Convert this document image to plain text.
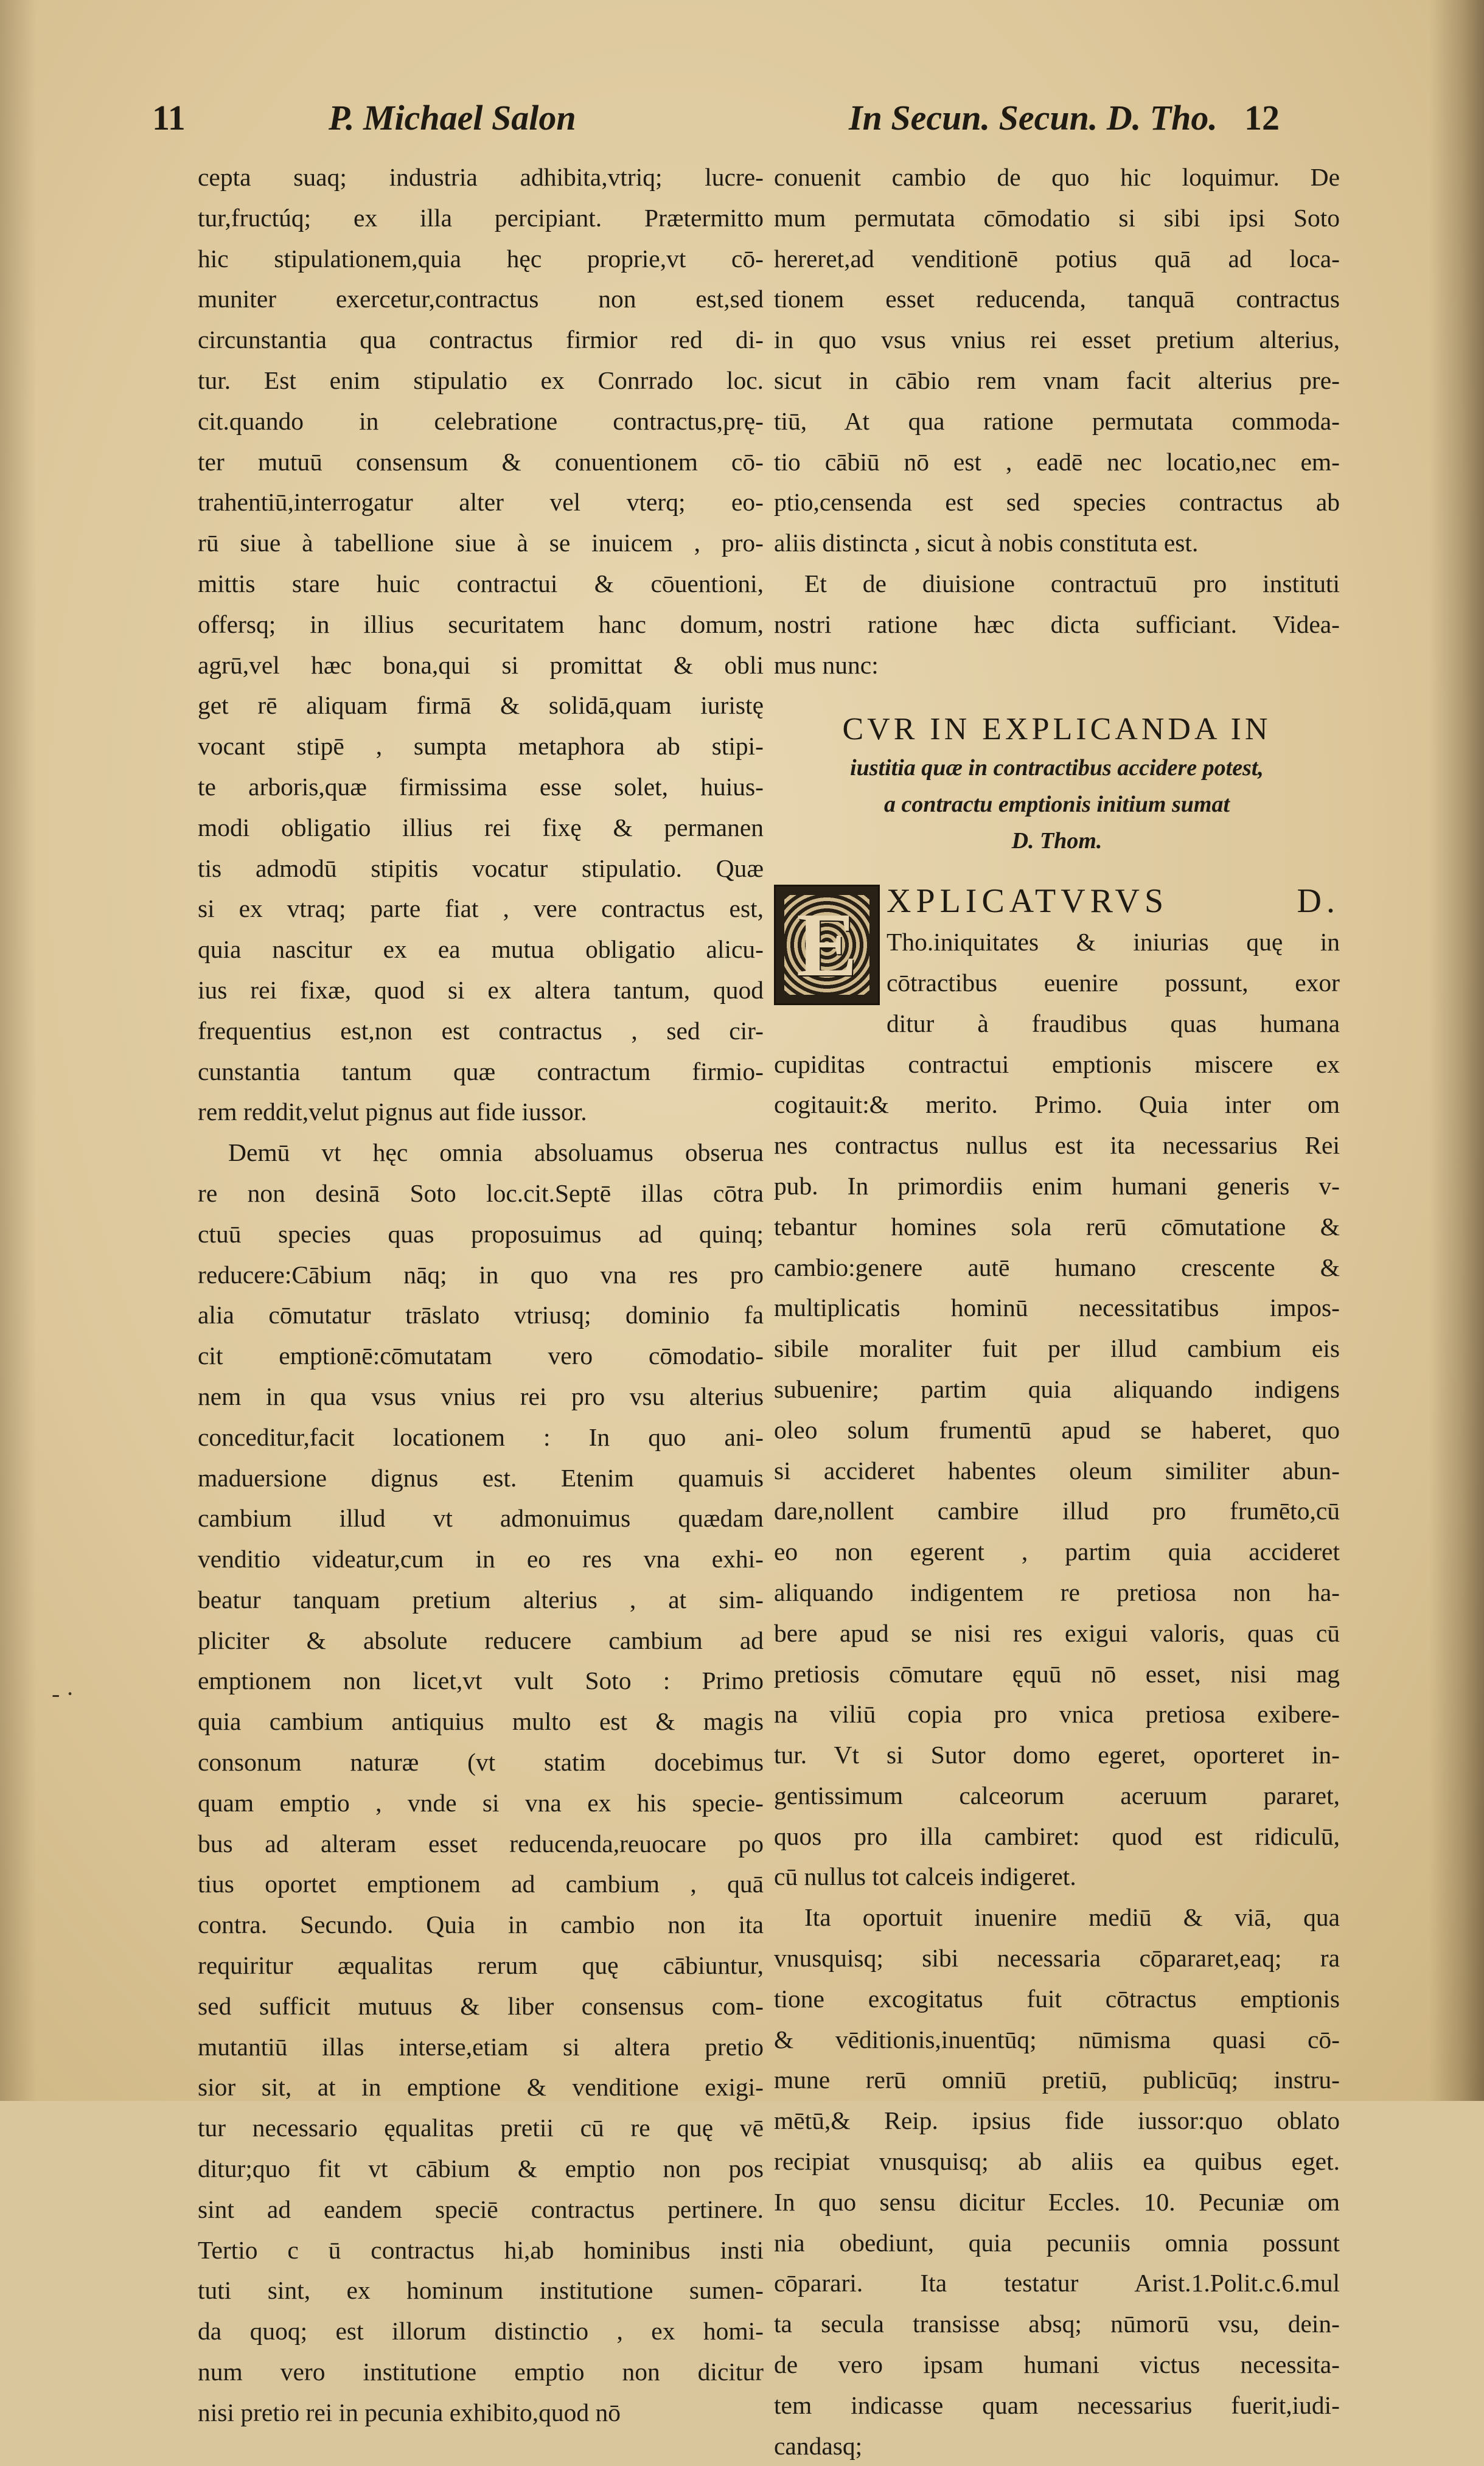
11	P. Michael Salon	In Secun. Secun. D. Tho. 12
cepta suaq; industria adhibita,vtriq; lucre-
tur,fructúq; ex illa percipiant. Prætermitto
hic stipulationem,quia hęc proprie,vt cō-
muniter exercetur,contractus non est,sed
circunstantia qua contractus firmior red di-
tur. Est enim stipulatio ex Conrrado loc.
cit.quando in celebratione contractus,prę-
ter mutuū consensum & conuentionem cō-
trahentiū,interrogatur alter vel vterq; eo-
rū siue à tabellione siue à se inuicem , pro-
mittis stare huic contractui & cōuentioni,
offersq; in illius securitatem hanc domum,
agrū,vel hæc bona,qui si promittat & obli
get rē aliquam firmā & solidā,quam iuristę
vocant stipē , sumpta metaphora ab stipi-
te arboris,quæ firmissima esse solet, huius-
modi obligatio illius rei fixę & permanen
tis admodū stipitis vocatur stipulatio. Quæ
si ex vtraq; parte fiat , vere contractus est,
quia nascitur ex ea mutua obligatio alicu-
ius rei fixæ, quod si ex altera tantum, quod
frequentius est,non est contractus , sed cir-
cunstantia tantum quæ contractum firmio-
rem reddit,velut pignus aut fide iussor.
Demū vt hęc omnia absoluamus obserua
re non desinā Soto loc.cit.Septē illas cōtra
ctuū species quas proposuimus ad quinq;
reducere:Cābium nāq; in quo vna res pro
alia cōmutatur trāslato vtriusq; dominio fa
cit emptionē:cōmutatam vero cōmodatio-
nem in qua vsus vnius rei pro vsu alterius
conceditur,facit locationem : In quo ani-
maduersione dignus est. Etenim quamuis
cambium illud vt admonuimus quædam
venditio videatur,cum in eo res vna exhi-
beatur tanquam pretium alterius , at sim-
pliciter & absolute reducere cambium ad
emptionem non licet,vt vult Soto : Primo
quia cambium antiquius multo est & magis
consonum naturæ (vt statim docebimus
quam emptio , vnde si vna ex his specie-
bus ad alteram esset reducenda,reuocare po
tius oportet emptionem ad cambium , quā
contra. Secundo. Quia in cambio non ita
requiritur æqualitas rerum quę cābiuntur,
sed sufficit mutuus & liber consensus com-
mutantiū illas interse,etiam si altera pretio
sior sit, at in emptione & venditione exigi-
tur necessario ęqualitas pretii cū re quę vē
ditur;quo fit vt cābium & emptio non pos
sint ad eandem speciē contractus pertinere.
Tertio c ū contractus hi,ab hominibus insti
tuti sint, ex hominum institutione sumen-
da quoq; est illorum distinctio , ex homi-
num vero institutione emptio non dicitur
nisi pretio rei in pecunia exhibito,quod nō
conuenit cambio de quo hic loquimur. De
mum permutata cōmodatio si sibi ipsi Soto
hereret,ad venditionē potius quā ad loca-
tionem esset reducenda, tanquā contractus
in quo vsus vnius rei esset pretium alterius,
sicut in cābio rem vnam facit alterius pre-
tiū, At qua ratione permutata commoda-
tio cābiū nō est , eadē nec locatio,nec em-
ptio,censenda est sed species contractus ab
aliis distincta , sicut à nobis constituta est.
Et de diuisione contractuū pro instituti
nostri ratione hæc dicta sufficiant. Videa-
mus nunc:
CVR IN EXPLICANDA IN
iustitia quæ in contractibus accidere potest,
a contractu emptionis initium sumat
D. Thom.
E XPLICATVRVS D.
Tho.iniquitates & iniurias quę in
cōtractibus euenire possunt, exor
ditur à fraudibus quas humana
cupiditas contractui emptionis miscere ex
cogitauit:& merito. Primo. Quia inter om
nes contractus nullus est ita necessarius Rei
pub. In primordiis enim humani generis v-
tebantur homines sola rerū cōmutatione &
cambio:genere autē humano crescente &
multiplicatis hominū necessitatibus impos-
sibile moraliter fuit per illud cambium eis
subuenire; partim quia aliquando indigens
oleo solum frumentū apud se haberet, quo
si accideret habentes oleum similiter abun-
dare,nollent cambire illud pro frumēto,cū
eo non egerent , partim quia accideret
aliquando indigentem re pretiosa non ha-
bere apud se nisi res exigui valoris, quas cū
pretiosis cōmutare ęquū nō esset, nisi mag
na viliū copia pro vnica pretiosa exibere-
tur. Vt si Sutor domo egeret, oporteret in-
gentissimum calceorum aceruum pararet,
quos pro illa cambiret: quod est ridiculū,
cū nullus tot calceis indigeret.
Ita oportuit inuenire mediū & viā, qua
vnusquisq; sibi necessaria cōpararet,eaq; ra
tione excogitatus fuit cōtractus emptionis
& vēditionis,inuentūq; nūmisma quasi cō-
mune rerū omniū pretiū, publicūq; instru-
mētū,& Reip. ipsius fide iussor:quo oblato
recipiat vnusquisq; ab aliis ea quibus eget.
In quo sensu dicitur Eccles. 10. Pecuniæ om
nia obediunt, quia pecuniis omnia possunt
cōparari. Ita testatur Arist.1.Polit.c.6.mul
ta secula transisse absq; nūmorū vsu, dein-
de vero ipsam humani victus necessita-
tem indicasse quam necessarius fuerit,iudi-
candasq;
- ·
